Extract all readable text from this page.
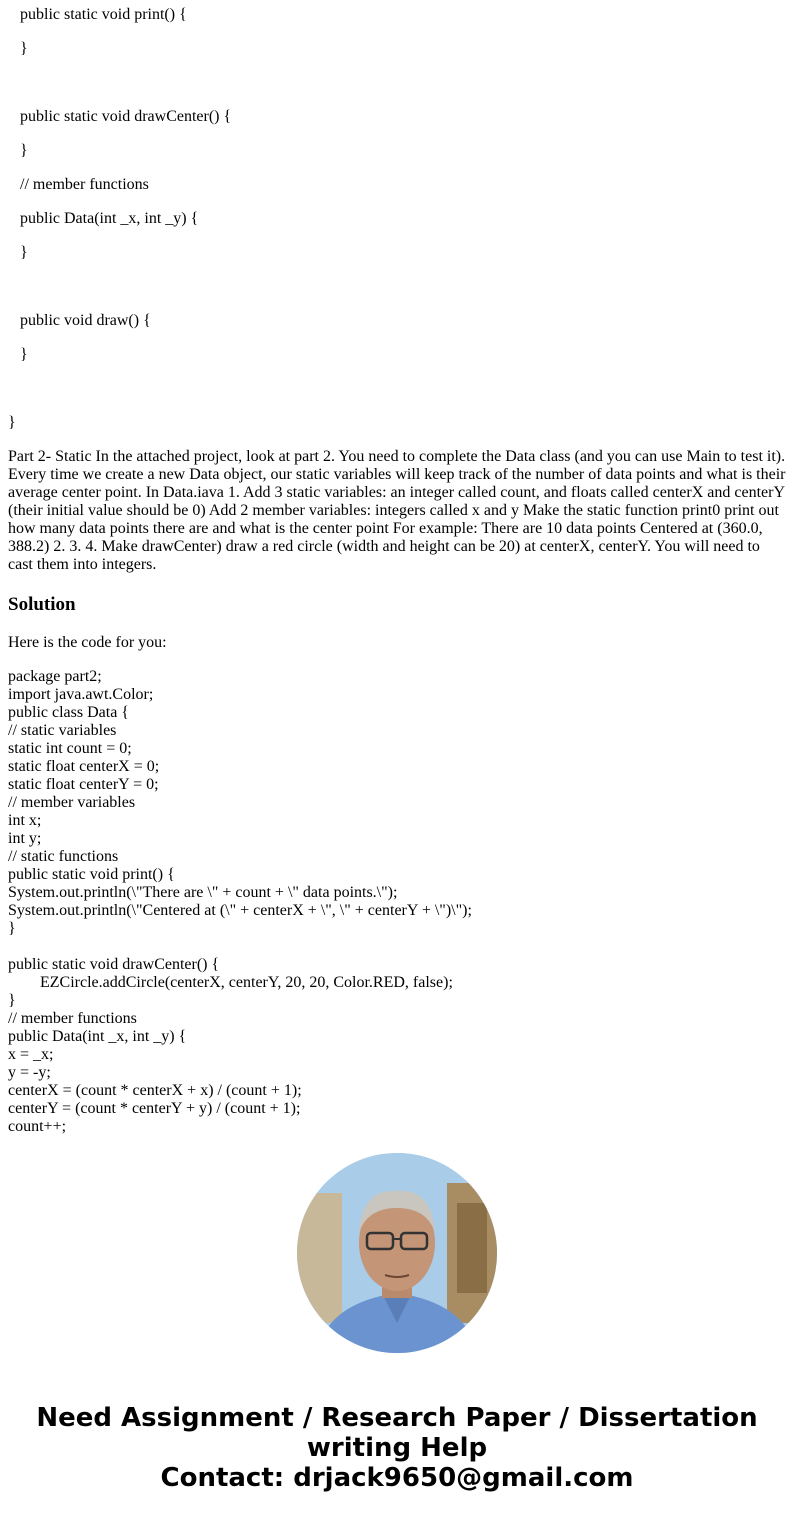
public static void print() {
}
public static void drawCenter() {
}
// member functions
public Data(int _x, int _y) {
}
public void draw() {
}
}
Part 2- Static In the attached project, look at part 2. You need to complete the Data class (and you can use Main to test it). Every time we create a new Data object, our static variables will keep track of the number of data points and what is their average center point. In Data.iava 1. Add 3 static variables: an integer called count, and floats called centerX and centerY (their initial value should be 0) Add 2 member variables: integers called x and y Make the static function print0 print out how many data points there are and what is the center point For example: There are 10 data points Centered at (360.0, 388.2) 2. 3. 4. Make drawCenter) draw a red circle (width and height can be 20) at centerX, centerY. You will need to cast them into integers.
Solution
Here is the code for you:
package part2;
import java.awt.Color;
public class Data {
// static variables
static int count = 0;
static float centerX = 0;
static float centerY = 0;
// member variables
int x;
int y;
// static functions
public static void print() {
System.out.println(\"There are \" + count + \" data points.\");
System.out.println(\"Centered at (\" + centerX + \", \" + centerY + \")\");
}
public static void drawCenter() {
EZCircle.addCircle(centerX, centerY, 20, 20, Color.RED, false);
}
// member functions
public Data(int _x, int _y) {
x = _x;
y = -y;
centerX = (count * centerX + x) / (count + 1);
centerY = (count * centerY + y) / (count + 1);
count++;
Need Assignment / Research Paper / Dissertation
writing Help
Contact: drjack9650@gmail.com
